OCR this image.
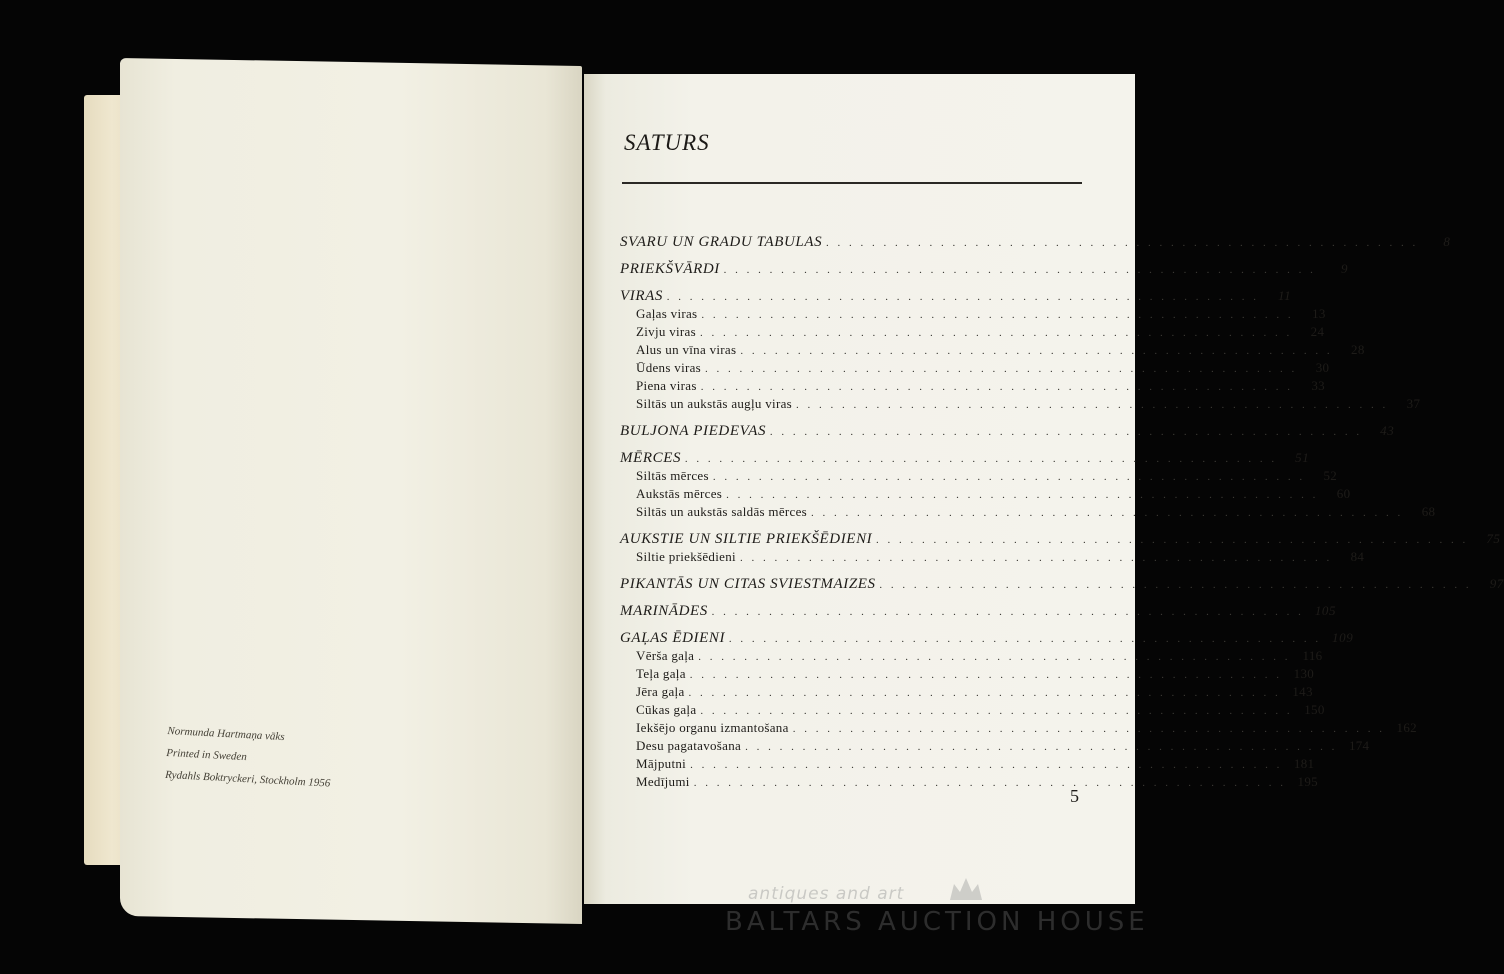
Normunda Hartmaņa vāks
Printed in Sweden
Rydahls Boktryckeri, Stockholm 1956
SATURS
SVARU UN GRADU TABULAS . . . . . . . . . . . . . . . . . . . . . . . . . . . . . . . . . . . . . . . . . . . . . . . . . . . .	8
PRIEKŠVĀRDI . . . . . . . . . . . . . . . . . . . . . . . . . . . . . . . . . . . . . . . . . . . . . . . . . . . .	9
VIRAS . . . . . . . . . . . . . . . . . . . . . . . . . . . . . . . . . . . . . . . . . . . . . . . . . . . .	11
Gaļas viras . . . . . . . . . . . . . . . . . . . . . . . . . . . . . . . . . . . . . . . . . . . . . . . . . . . .	13
Zivju viras . . . . . . . . . . . . . . . . . . . . . . . . . . . . . . . . . . . . . . . . . . . . . . . . . . . .	24
Alus un vīna viras . . . . . . . . . . . . . . . . . . . . . . . . . . . . . . . . . . . . . . . . . . . . . . . . . . . .	28
Ūdens viras . . . . . . . . . . . . . . . . . . . . . . . . . . . . . . . . . . . . . . . . . . . . . . . . . . . .	30
Piena viras . . . . . . . . . . . . . . . . . . . . . . . . . . . . . . . . . . . . . . . . . . . . . . . . . . . .	33
Siltās un aukstās augļu viras . . . . . . . . . . . . . . . . . . . . . . . . . . . . . . . . . . . . . . . . . . . . . . . . . . . .	37
BULJONA PIEDEVAS . . . . . . . . . . . . . . . . . . . . . . . . . . . . . . . . . . . . . . . . . . . . . . . . . . . .	43
MĒRCES . . . . . . . . . . . . . . . . . . . . . . . . . . . . . . . . . . . . . . . . . . . . . . . . . . . .	51
Siltās mērces . . . . . . . . . . . . . . . . . . . . . . . . . . . . . . . . . . . . . . . . . . . . . . . . . . . .	52
Aukstās mērces . . . . . . . . . . . . . . . . . . . . . . . . . . . . . . . . . . . . . . . . . . . . . . . . . . . .	60
Siltās un aukstās saldās mērces . . . . . . . . . . . . . . . . . . . . . . . . . . . . . . . . . . . . . . . . . . . . . . . . . . . .	68
AUKSTIE UN SILTIE PRIEKŠĒDIENI . . . . . . . . . . . . . . . . . . . . . . . . . . . . . . . . . . . . . . . . . . . . . . . . . . . .	75
Siltie priekšēdieni . . . . . . . . . . . . . . . . . . . . . . . . . . . . . . . . . . . . . . . . . . . . . . . . . . . .	84
PIKANTĀS UN CITAS SVIESTMAIZES . . . . . . . . . . . . . . . . . . . . . . . . . . . . . . . . . . . . . . . . . . . . . . . . . . . .	97
MARINĀDES . . . . . . . . . . . . . . . . . . . . . . . . . . . . . . . . . . . . . . . . . . . . . . . . . . . . 105
GAĻAS ĒDIENI . . . . . . . . . . . . . . . . . . . . . . . . . . . . . . . . . . . . . . . . . . . . . . . . . . . . 109
Vērša gaļa . . . . . . . . . . . . . . . . . . . . . . . . . . . . . . . . . . . . . . . . . . . . . . . . . . . . 116
Teļa gaļa . . . . . . . . . . . . . . . . . . . . . . . . . . . . . . . . . . . . . . . . . . . . . . . . . . . . 130
Jēra gaļa . . . . . . . . . . . . . . . . . . . . . . . . . . . . . . . . . . . . . . . . . . . . . . . . . . . . 143
Cūkas gaļa . . . . . . . . . . . . . . . . . . . . . . . . . . . . . . . . . . . . . . . . . . . . . . . . . . . . 150
Iekšējo organu izmantošana . . . . . . . . . . . . . . . . . . . . . . . . . . . . . . . . . . . . . . . . . . . . . . . . . . . . 162
Desu pagatavošana . . . . . . . . . . . . . . . . . . . . . . . . . . . . . . . . . . . . . . . . . . . . . . . . . . . . 174
Mājputni . . . . . . . . . . . . . . . . . . . . . . . . . . . . . . . . . . . . . . . . . . . . . . . . . . . . 181
Medījumi . . . . . . . . . . . . . . . . . . . . . . . . . . . . . . . . . . . . . . . . . . . . . . . . . . . . 195
5
antiques and art
BALTARS AUCTION HOUSE
